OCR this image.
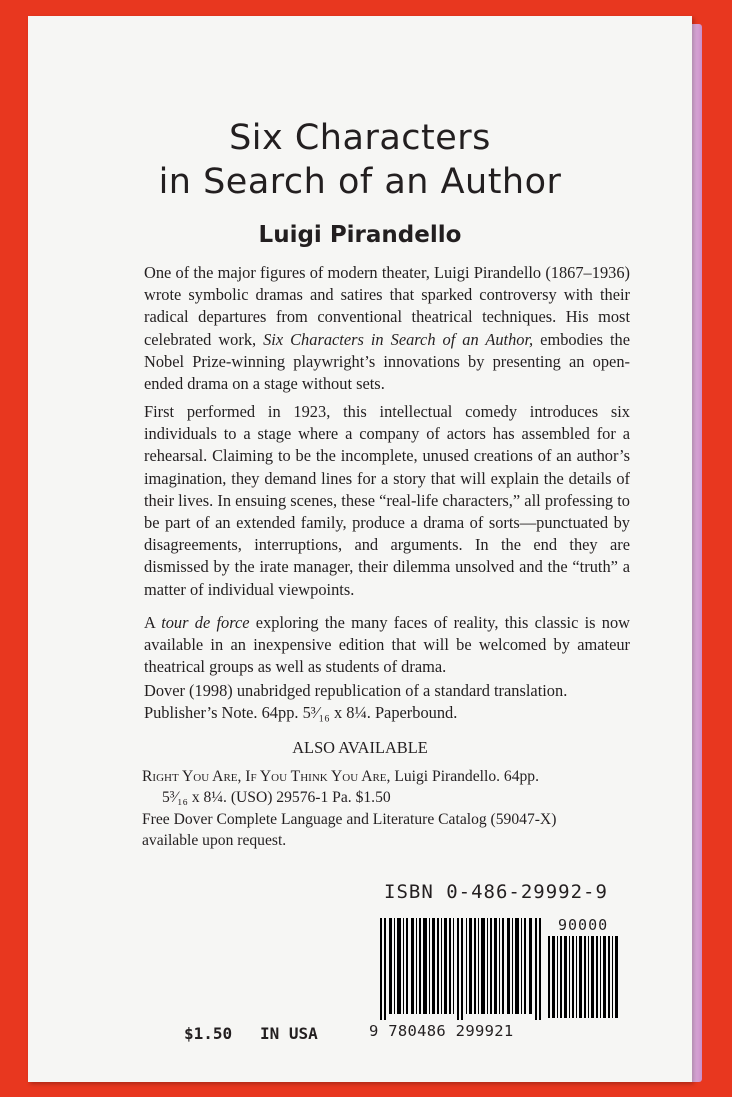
Six Characters
in Search of an Author
Luigi Pirandello

One of the major figures of modern theater, Luigi Pirandello (1867–1936) wrote symbolic dramas and satires that sparked controversy with their radical departures from conventional theatrical techniques. His most celebrated work, Six Characters in Search of an Author, embodies the Nobel Prize-winning playwright’s innovations by presenting an open-ended drama on a stage without sets.

First performed in 1923, this intellectual comedy introduces six individuals to a stage where a company of actors has assembled for a rehearsal. Claiming to be the incomplete, unused creations of an author’s imagination, they demand lines for a story that will explain the details of their lives. In ensuing scenes, these “real-life characters,” all professing to be part of an extended family, produce a drama of sorts—punctuated by disagreements, interruptions, and arguments. In the end they are dismissed by the irate manager, their dilemma unsolved and the “truth” a matter of individual viewpoints.

A tour de force exploring the many faces of reality, this classic is now available in an inexpensive edition that will be welcomed by amateur theatrical groups as well as students of drama.

Dover (1998) unabridged republication of a standard translation.
Publisher’s Note. 64pp. 5³⁄₁₆ x 8¼. Paperbound.

ALSO AVAILABLE

Right You Are, If You Think You Are, Luigi Pirandello. 64pp.
5³⁄₁₆ x 8¼. (USO) 29576-1 Pa. $1.50

Free Dover Complete Language and Literature Catalog (59047-X)
available upon request.

ISBN 0-486-29992-9
90000
9 780486 299921
$1.50 IN USA
